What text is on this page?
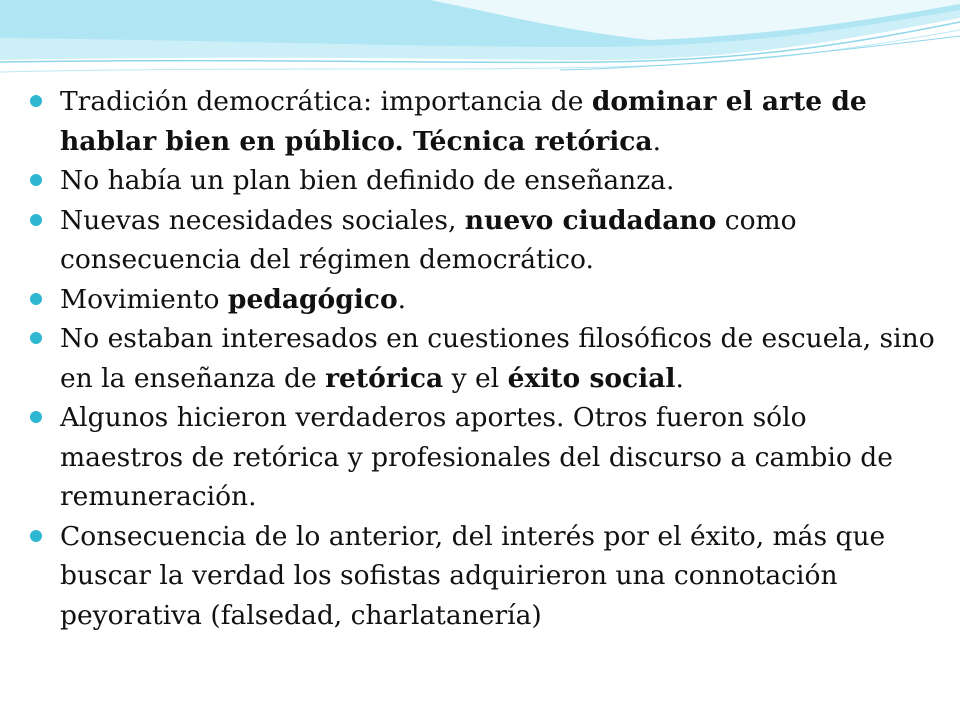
Tradición democrática: importancia de dominar el arte de hablar bien en público. Técnica retórica.
No había un plan bien definido de enseñanza.
Nuevas necesidades sociales, nuevo ciudadano como consecuencia del régimen democrático.
Movimiento pedagógico.
No estaban interesados en cuestiones filosóficos de escuela, sino en la enseñanza de retórica y el éxito social.
Algunos hicieron verdaderos aportes. Otros fueron sólo maestros de retórica y profesionales del discurso a cambio de remuneración.
Consecuencia de lo anterior, del interés por el éxito, más que buscar la verdad los sofistas adquirieron una connotación peyorativa (falsedad, charlatanería)
